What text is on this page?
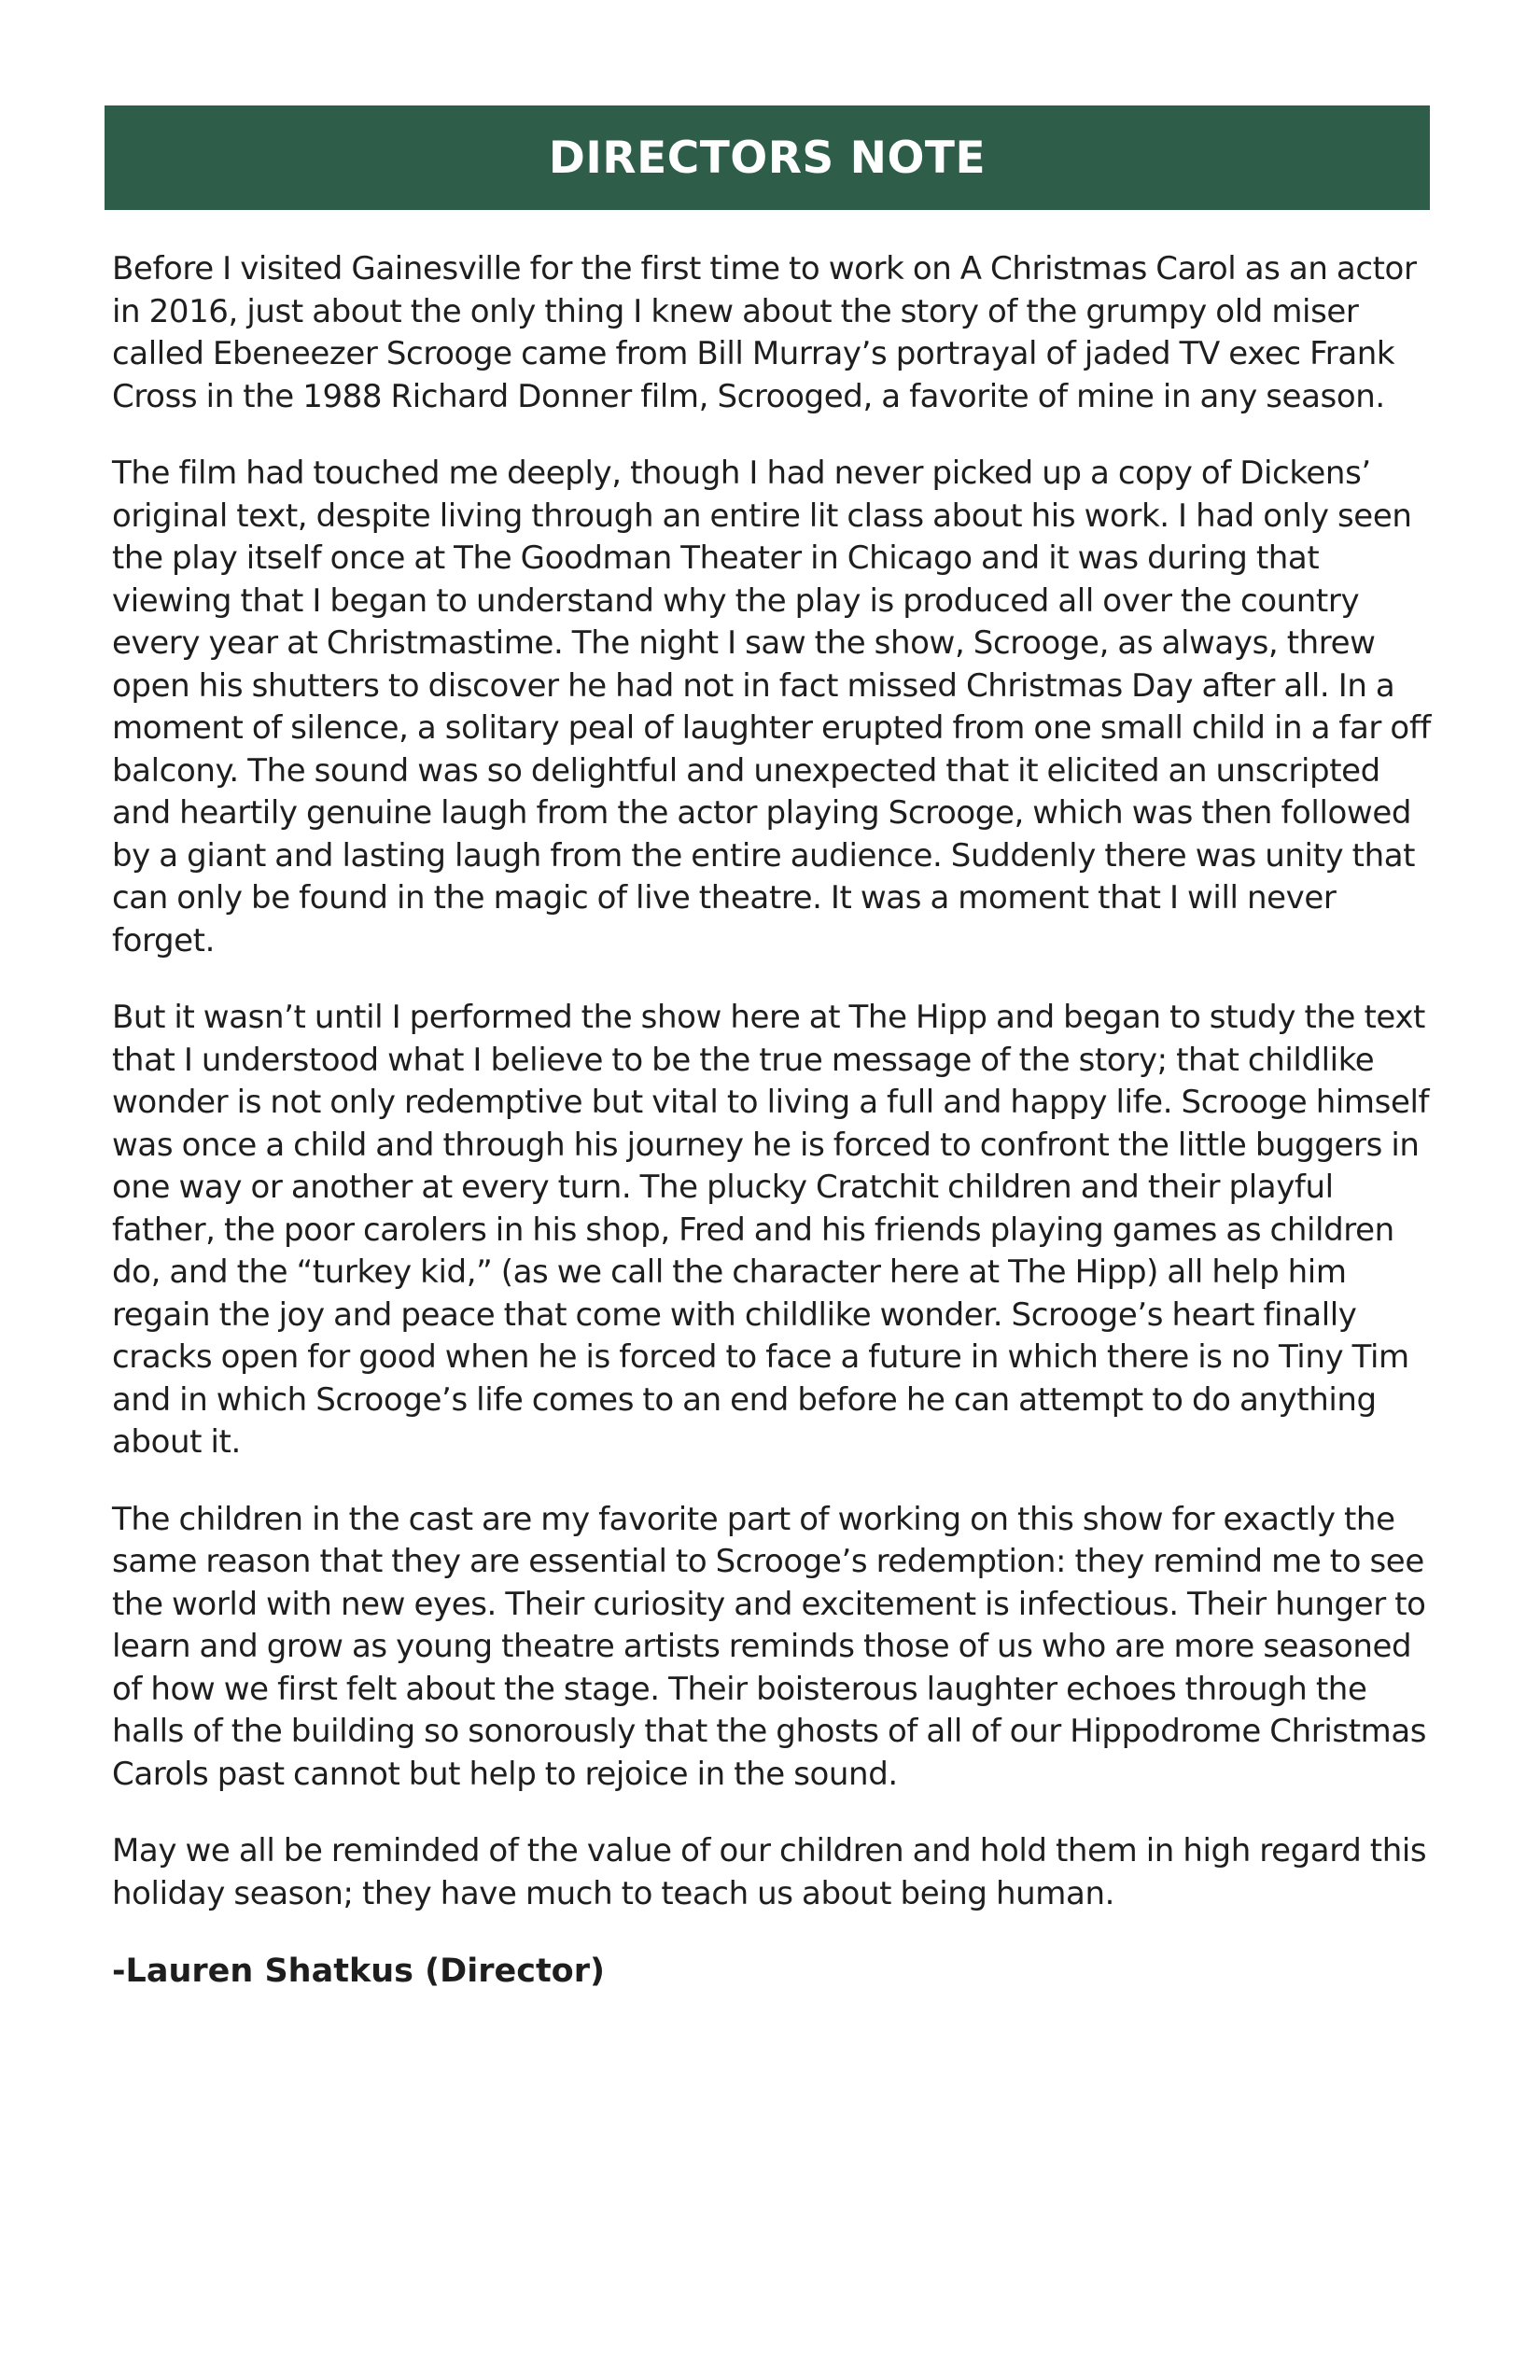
DIRECTORS NOTE

Before I visited Gainesville for the first time to work on A Christmas Carol as an actor in 2016, just about the only thing I knew about the story of the grumpy old miser called Ebeneezer Scrooge came from Bill Murray’s portrayal of jaded TV exec Frank Cross in the 1988 Richard Donner film, Scrooged, a favorite of mine in any season.

The film had touched me deeply, though I had never picked up a copy of Dickens’ original text, despite living through an entire lit class about his work. I had only seen the play itself once at The Goodman Theater in Chicago and it was during that viewing that I began to understand why the play is produced all over the country every year at Christmastime. The night I saw the show, Scrooge, as always, threw open his shutters to discover he had not in fact missed Christmas Day after all. In a moment of silence, a solitary peal of laughter erupted from one small child in a far off balcony. The sound was so delightful and unexpected that it elicited an unscripted and heartily genuine laugh from the actor playing Scrooge, which was then followed by a giant and lasting laugh from the entire audience. Suddenly there was unity that can only be found in the magic of live theatre. It was a moment that I will never forget.

But it wasn’t until I performed the show here at The Hipp and began to study the text that I understood what I believe to be the true message of the story; that childlike wonder is not only redemptive but vital to living a full and happy life. Scrooge himself was once a child and through his journey he is forced to confront the little buggers in one way or another at every turn. The plucky Cratchit children and their playful father, the poor carolers in his shop, Fred and his friends playing games as children do, and the “turkey kid,” (as we call the character here at The Hipp) all help him regain the joy and peace that come with childlike wonder. Scrooge’s heart finally cracks open for good when he is forced to face a future in which there is no Tiny Tim and in which Scrooge’s life comes to an end before he can attempt to do anything about it.

The children in the cast are my favorite part of working on this show for exactly the same reason that they are essential to Scrooge’s redemption: they remind me to see the world with new eyes. Their curiosity and excitement is infectious. Their hunger to learn and grow as young theatre artists reminds those of us who are more seasoned of how we first felt about the stage. Their boisterous laughter echoes through the halls of the building so sonorously that the ghosts of all of our Hippodrome Christmas Carols past cannot but help to rejoice in the sound.

May we all be reminded of the value of our children and hold them in high regard this holiday season; they have much to teach us about being human.

-Lauren Shatkus (Director)
